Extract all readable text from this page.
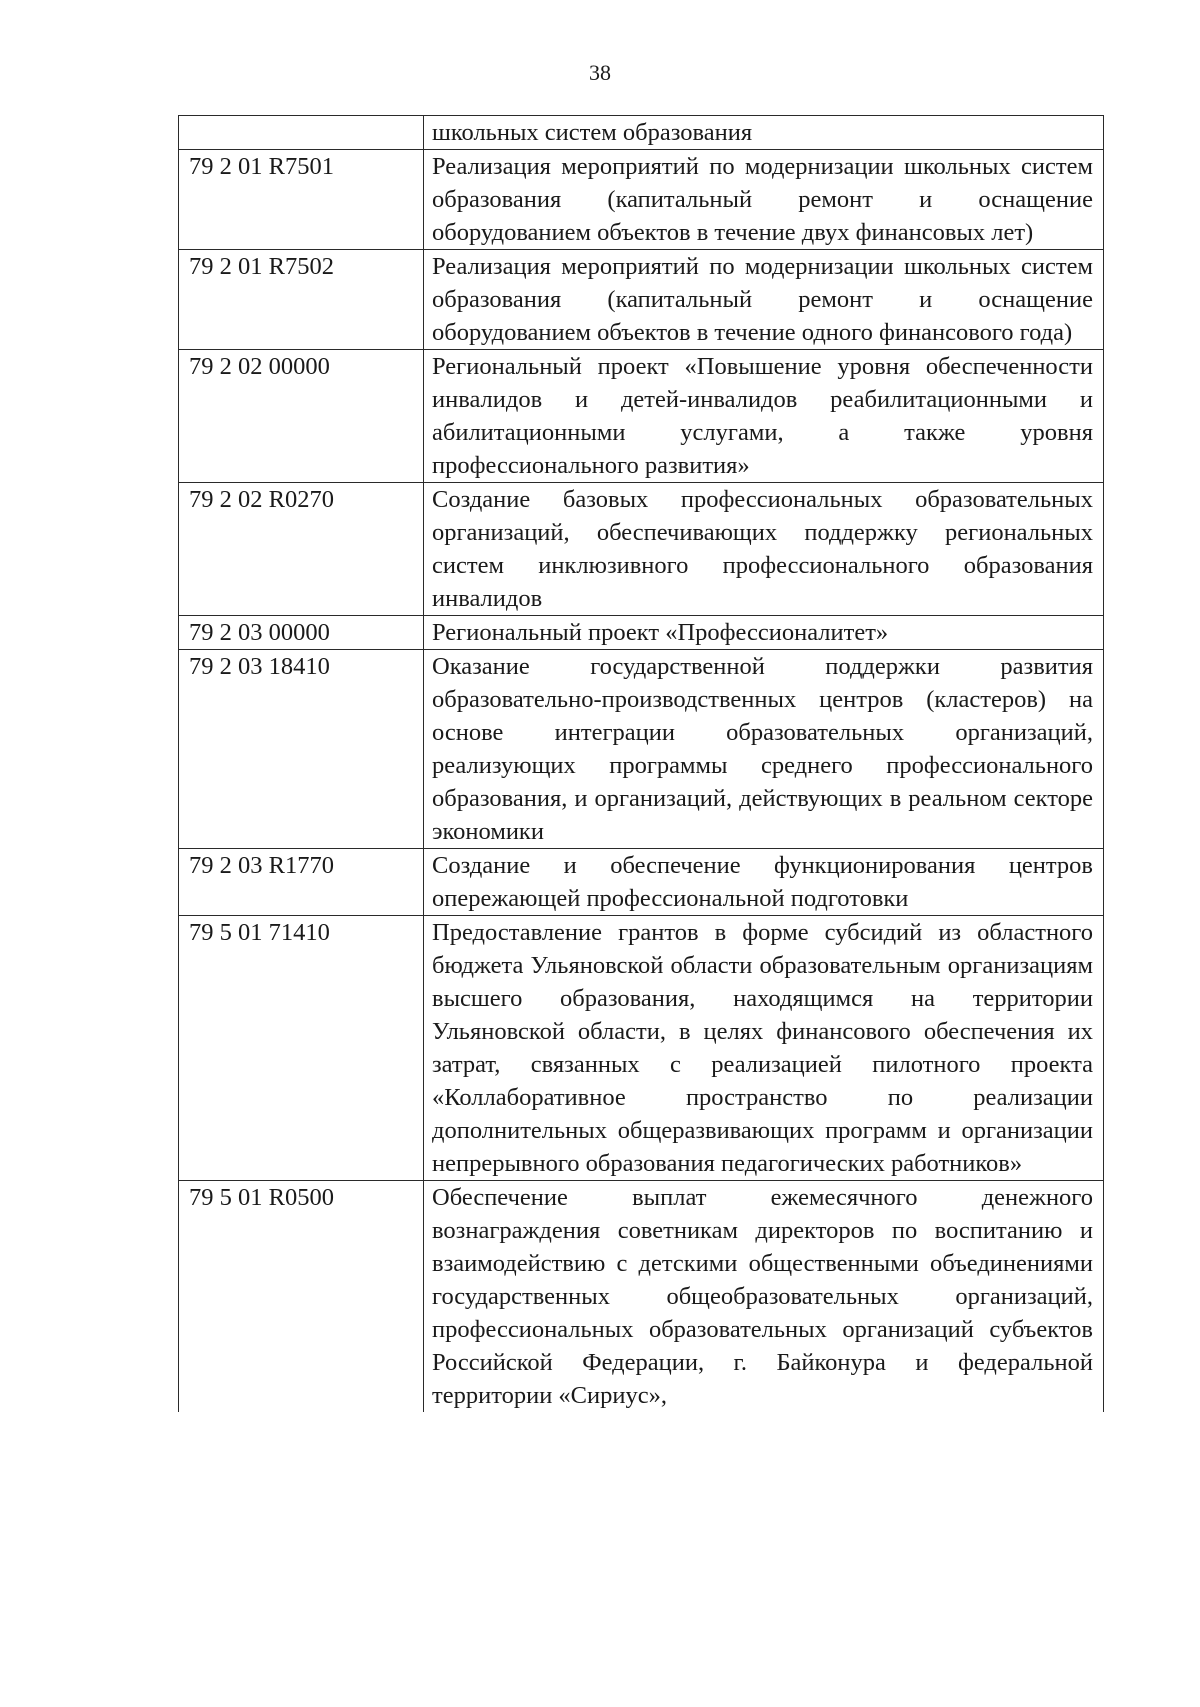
38
	школьных систем образования
79 2 01 R7501	Реализация мероприятий по модернизации школьных систем образования (капитальный ремонт и оснащение оборудованием объектов в течение двух финансовых лет)
79 2 01 R7502	Реализация мероприятий по модернизации школьных систем образования (капитальный ремонт и оснащение оборудованием объектов в течение одного финансового года)
79 2 02 00000	Региональный проект «Повышение уровня обеспеченности инвалидов и детей-инвалидов реабилитационными и абилитационными услугами, а также уровня профессионального развития»
79 2 02 R0270	Создание базовых профессиональных образовательных организаций, обеспечивающих поддержку региональных систем инклюзивного профессионального образования инвалидов
79 2 03 00000	Региональный проект «Профессионалитет»
79 2 03 18410	Оказание государственной поддержки развития образовательно-производственных центров (кластеров) на основе интеграции образовательных организаций, реализующих программы среднего профессионального образования, и организаций, действующих в реальном секторе экономики
79 2 03 R1770	Создание и обеспечение функционирования центров опережающей профессиональной подготовки
79 5 01 71410	Предоставление грантов в форме субсидий из областного бюджета Ульяновской области образовательным организациям высшего образования, находящимся на территории Ульяновской области, в целях финансового обеспечения их затрат, связанных с реализацией пилотного проекта «Коллаборативное пространство по реализации дополнительных общеразвивающих программ и организации непрерывного образования педагогических работников»
79 5 01 R0500	Обеспечение выплат ежемесячного денежного вознаграждения советникам директоров по воспитанию и взаимодействию с детскими общественными объединениями государственных общеобразовательных организаций, профессиональных образовательных организаций субъектов Российской Федерации, г. Байконура и федеральной территории «Сириус»,
